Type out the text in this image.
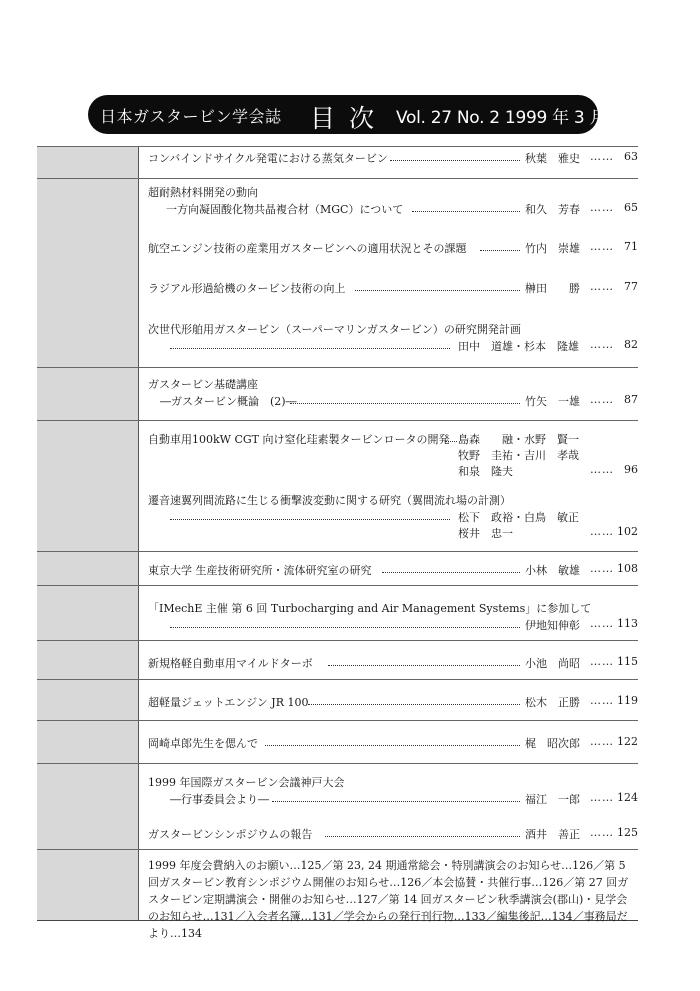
日本ガスタービン学会誌 目次 Vol. 27 No. 2 1999 年 3 月
コンバインドサイクル発電における蒸気タービン	秋葉　雅史 …… 63
超耐熱材料開発の動向
一方向凝固酸化物共晶複合材（MGC）について	和久　芳春 …… 65
航空エンジン技術の産業用ガスタービンへの適用状況とその課題	竹内　崇雄 …… 71
ラジアル形過給機のタービン技術の向上	榊田　　勝 …… 77
次世代形舶用ガスタービン（スーパーマリンガスタービン）の研究開発計画
田中　道雄・杉本　隆雄 …… 82
ガスタービン基礎講座
―ガスタービン概論　(2)―	竹矢　一雄 …… 87
自動車用100kW CGT 向け窒化珪素製タービンロータの開発 島森　　融・水野　賢一
牧野　圭祐・吉川　孝哉
和泉　隆夫	…… 96
遷音速翼列間流路に生じる衝撃波変動に関する研究（翼間流れ場の計測）
松下　政裕・白鳥　敏正
桜井　忠一	…… 102
東京大学 生産技術研究所・流体研究室の研究	小林　敏雄 …… 108
「IMechE 主催 第 6 回 Turbocharging and Air Management Systems」に参加して
伊地知伸彰 …… 113
新規格軽自動車用マイルドターボ	小池　尚昭 …… 115
超軽量ジェットエンジン JR 100	松木　正勝 …… 119
岡崎卓郎先生を偲んで	梶　昭次郎 …… 122
1999 年国際ガスタービン会議神戸大会
―行事委員会より―	福江　一郎 …… 124
ガスタービンシンポジウムの報告	酒井　善正 …… 125
1999 年度会費納入のお願い…125／第 23, 24 期通常総会・特別講演会のお知らせ…126／第 5 回ガスタービン教育シンポジウム開催のお知らせ…126／本会協賛・共催行事…126／第 27 回ガスタービン定期講演会・開催のお知らせ…127／第 14 回ガスタービン秋季講演会(郡山)・見学会のお知らせ…131／入会者名簿…131／学会からの発行刊行物…133／編集後記…134／事務局だより…134
